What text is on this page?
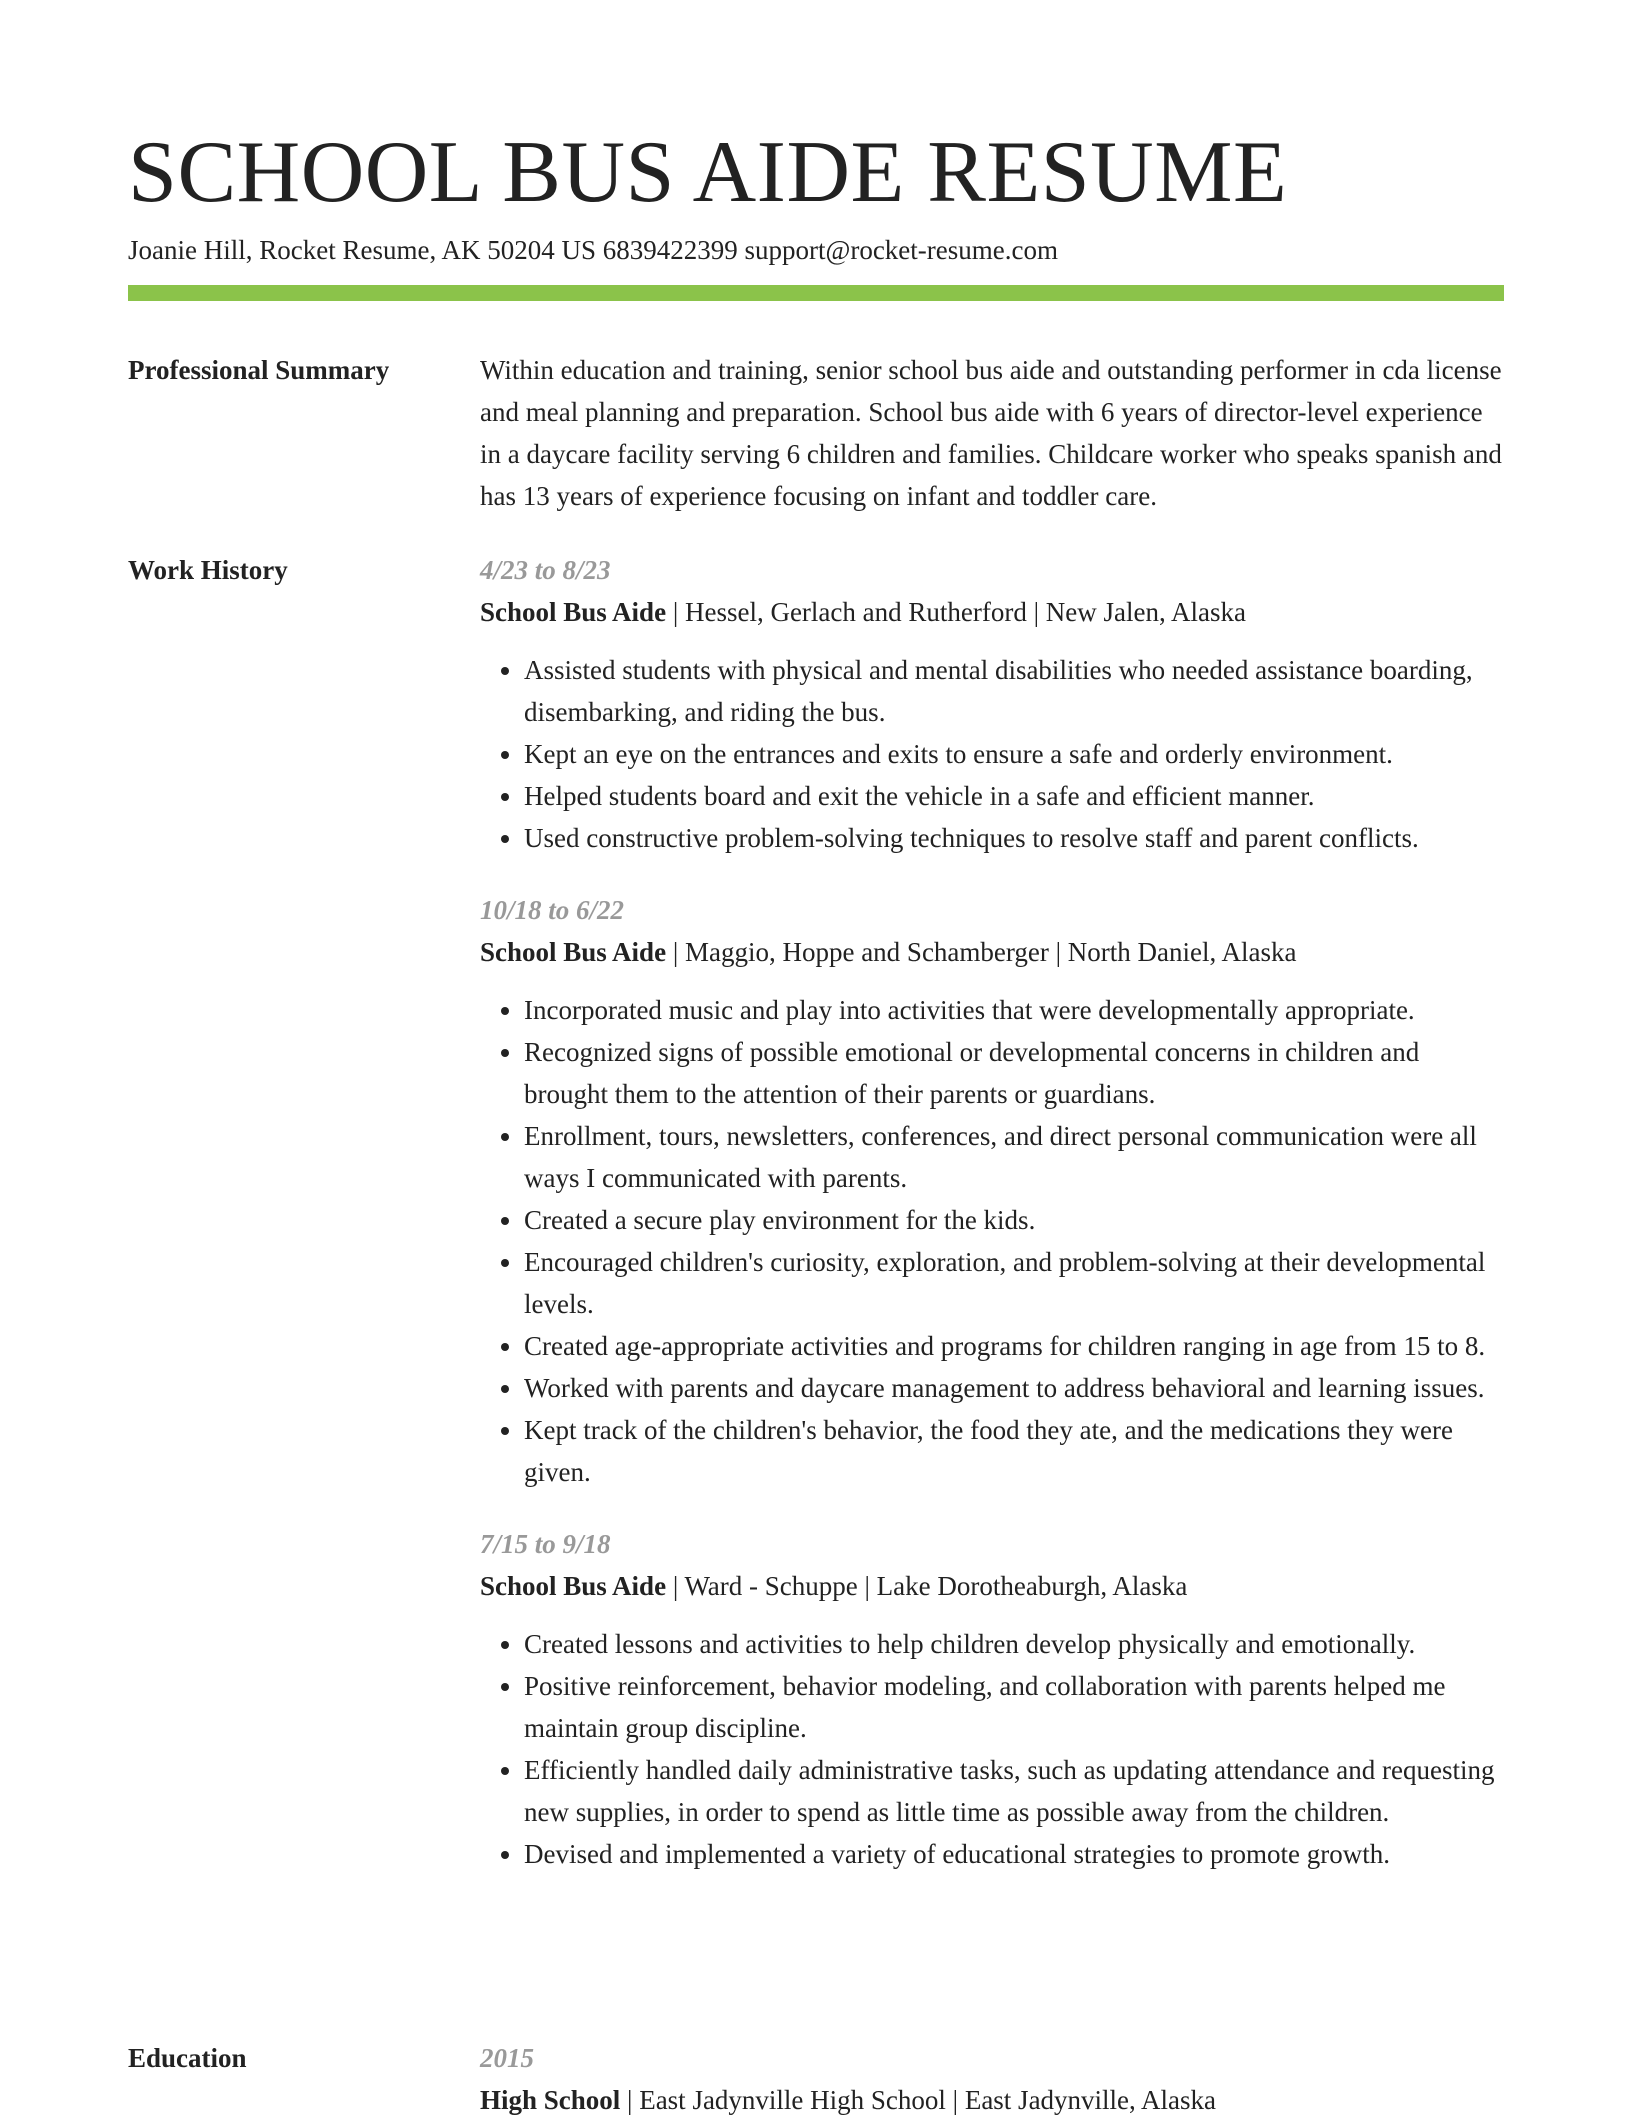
SCHOOL BUS AIDE RESUME
Joanie Hill, Rocket Resume, AK 50204 US 6839422399 support@rocket-resume.com
Professional Summary	Within education and training, senior school bus aide and outstanding performer in cda license and meal planning and preparation. School bus aide with 6 years of director-level experience in a daycare facility serving 6 children and families. Childcare worker who speaks spanish and has 13 years of experience focusing on infant and toddler care.

Work History	4/23 to 8/23
School Bus Aide | Hessel, Gerlach and Rutherford | New Jalen, Alaska
• Assisted students with physical and mental disabilities who needed assistance boarding, disembarking, and riding the bus.
• Kept an eye on the entrances and exits to ensure a safe and orderly environment.
• Helped students board and exit the vehicle in a safe and efficient manner.
• Used constructive problem-solving techniques to resolve staff and parent conflicts.
10/18 to 6/22
School Bus Aide | Maggio, Hoppe and Schamberger | North Daniel, Alaska
• Incorporated music and play into activities that were developmentally appropriate.
• Recognized signs of possible emotional or developmental concerns in children and brought them to the attention of their parents or guardians.
• Enrollment, tours, newsletters, conferences, and direct personal communication were all ways I communicated with parents.
• Created a secure play environment for the kids.
• Encouraged children's curiosity, exploration, and problem-solving at their developmental levels.
• Created age-appropriate activities and programs for children ranging in age from 15 to 8.
• Worked with parents and daycare management to address behavioral and learning issues.
• Kept track of the children's behavior, the food they ate, and the medications they were given.
7/15 to 9/18
School Bus Aide | Ward - Schuppe | Lake Dorotheaburgh, Alaska
• Created lessons and activities to help children develop physically and emotionally.
• Positive reinforcement, behavior modeling, and collaboration with parents helped me maintain group discipline.
• Efficiently handled daily administrative tasks, such as updating attendance and requesting new supplies, in order to spend as little time as possible away from the children.
• Devised and implemented a variety of educational strategies to promote growth.
Education	2015
High School | East Jadynville High School | East Jadynville, Alaska
